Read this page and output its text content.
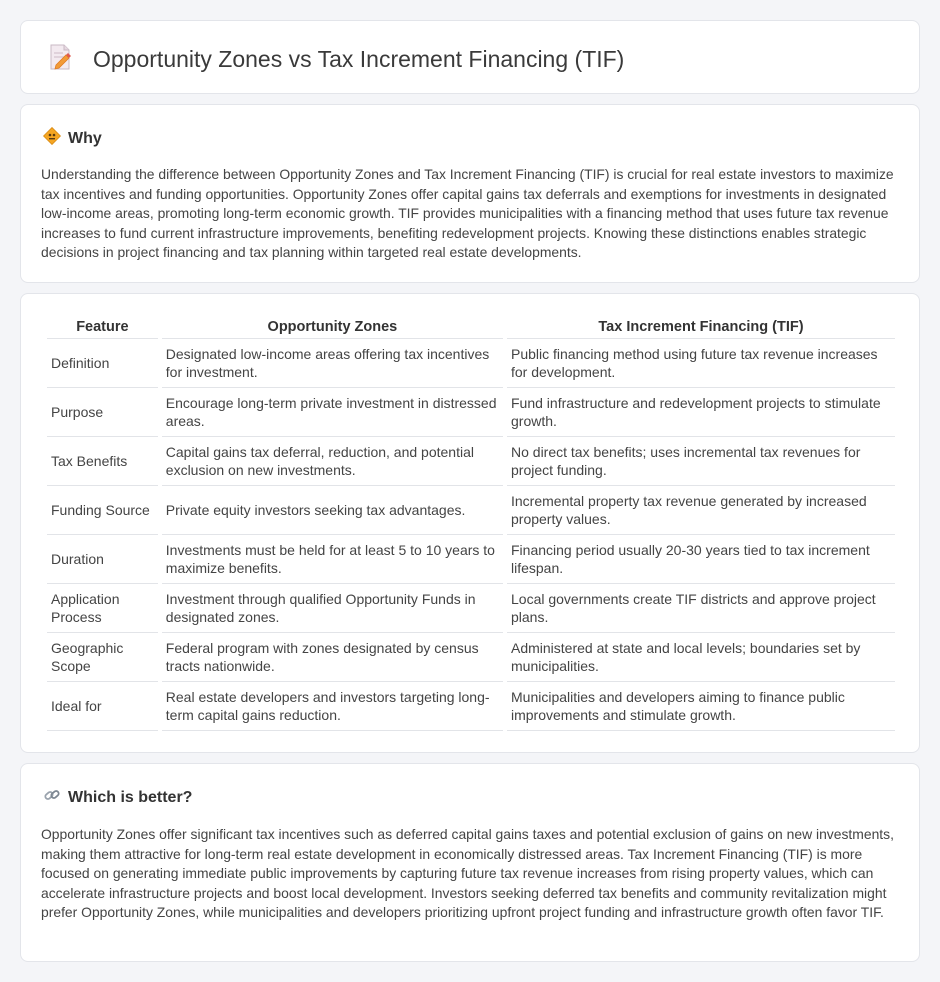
Opportunity Zones vs Tax Increment Financing (TIF)
Why

Understanding the difference between Opportunity Zones and Tax Increment Financing (TIF) is crucial for real estate investors to maximize tax incentives and funding opportunities. Opportunity Zones offer capital gains tax deferrals and exemptions for investments in designated low-income areas, promoting long-term economic growth. TIF provides municipalities with a financing method that uses future tax revenue increases to fund current infrastructure improvements, benefiting redevelopment projects. Knowing these distinctions enables strategic decisions in project financing and tax planning within targeted real estate developments.

Feature	Opportunity Zones	Tax Increment Financing (TIF)
Definition	Designated low-income areas offering tax incentives for investment.	Public financing method using future tax revenue increases for development.
Purpose	Encourage long-term private investment in distressed areas.	Fund infrastructure and redevelopment projects to stimulate growth.
Tax Benefits	Capital gains tax deferral, reduction, and potential exclusion on new investments.	No direct tax benefits; uses incremental tax revenues for project funding.
Funding Source	Private equity investors seeking tax advantages.	Incremental property tax revenue generated by increased property values.
Duration	Investments must be held for at least 5 to 10 years to maximize benefits.	Financing period usually 20-30 years tied to tax increment lifespan.
Application Process	Investment through qualified Opportunity Funds in designated zones.	Local governments create TIF districts and approve project plans.
Geographic Scope	Federal program with zones designated by census tracts nationwide.	Administered at state and local levels; boundaries set by municipalities.
Ideal for	Real estate developers and investors targeting long-term capital gains reduction.	Municipalities and developers aiming to finance public improvements and stimulate growth.
Which is better?

Opportunity Zones offer significant tax incentives such as deferred capital gains taxes and potential exclusion of gains on new investments, making them attractive for long-term real estate development in economically distressed areas. Tax Increment Financing (TIF) is more focused on generating immediate public improvements by capturing future tax revenue increases from rising property values, which can accelerate infrastructure projects and boost local development. Investors seeking deferred tax benefits and community revitalization might prefer Opportunity Zones, while municipalities and developers prioritizing upfront project funding and infrastructure growth often favor TIF.
